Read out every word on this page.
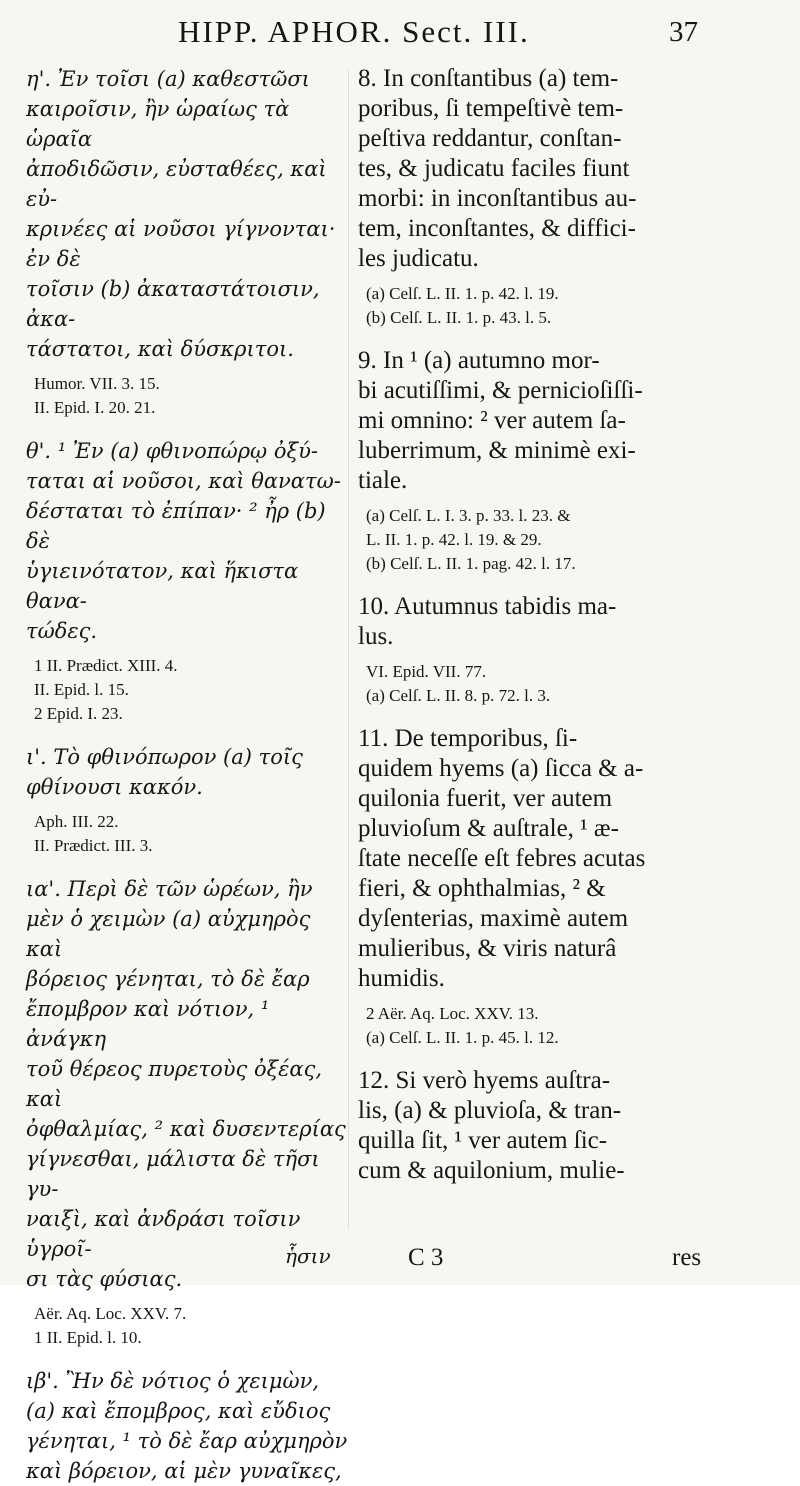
HIPP. APHOR. Sect. III.	37
η'. Ἐν τοῖσι (a) καθεστῶσι
καιροῖσιν, ἢν ὡραίως τὰ ὡραῖα
ἀποδιδῶσιν, εὐσταθέες, καὶ εὐ-
κρινέες αἱ νοῦσοι γίγνονται· ἐν δὲ
τοῖσιν (b) ἀκαταστάτοισιν, ἀκα-
τάστατοι, καὶ δύσκριτοι.
Humor. VII. 3. 15.
II. Epid. I. 20. 21.
θ'. ¹ Ἐν (a) φθινοπώρῳ ὀξύ-
ταται αἱ νοῦσοι, καὶ θανατω-
δέσταται τὸ ἐπίπαν· ² ἦρ (b) δὲ
ὑγιεινότατον, καὶ ἥκιστα θανα-
τώδες.
1 II. Prædict. XIII. 4.
II. Epid. l. 15.
2 Epid. I. 23.
ι'. Τὸ φθινόπωρον (a) τοῖς
φθίνουσι κακόν.
Aph. III. 22.
II. Prædict. III. 3.
ια'. Περὶ δὲ τῶν ὡρέων, ἢν
μὲν ὁ χειμὼν (a) αὐχμηρὸς καὶ
βόρειος γένηται, τὸ δὲ ἔαρ
ἔπομβρον καὶ νότιον, ¹ ἀνάγκη
τοῦ θέρεος πυρετοὺς ὀξέας, καὶ
ὀφθαλμίας, ² καὶ δυσεντερίας
γίγνεσθαι, μάλιστα δὲ τῆσι γυ-
ναιξὶ, καὶ ἀνδράσι τοῖσιν ὑγροῖ-
σι τὰς φύσιας.
Aër. Aq. Loc. XXV. 7.
1 II. Epid. l. 10.
ιβ'. Ἢν δὲ νότιος ὁ χειμὼν,
(a) καὶ ἔπομβρος, καὶ εὔδιος
γένηται, ¹ τὸ δὲ ἔαρ αὐχμηρὸν
καὶ βόρειον, αἱ μὲν γυναῖκες,
8. In conſtantibus (a) tem-
poribus, ſi tempeſtivè tem-
peſtiva reddantur, conſtan-
tes, & judicatu faciles fiunt
morbi: in inconſtantibus au-
tem, inconſtantes, & diffici-
les judicatu.
(a) Celſ. L. II. 1. p. 42. l. 19.
(b) Celſ. L. II. 1. p. 43. l. 5.
9. In ¹ (a) autumno mor-
bi acutiſſimi, & pernicioſiſſi-
mi omnino: ² ver autem ſa-
luberrimum, & minimè exi-
tiale.
(a) Celſ. L. I. 3. p. 33. l. 23. &
L. II. 1. p. 42. l. 19. & 29.
(b) Celſ. L. II. 1. pag. 42. l. 17.
10. Autumnus tabidis ma-
lus.
VI. Epid. VII. 77.
(a) Celſ. L. II. 8. p. 72. l. 3.
11. De temporibus, ſi-
quidem hyems (a) ſicca & a-
quilonia fuerit, ver autem
pluvioſum & auſtrale, ¹ æ-
ſtate neceſſe eſt febres acutas
fieri, & ophthalmias, ² &
dyſenterias, maximè autem
mulieribus, & viris naturâ
humidis.
2 Aër. Aq. Loc. XXV. 13.
(a) Celſ. L. II. 1. p. 45. l. 12.
12. Si verò hyems auſtra-
lis, (a) & pluvioſa, & tran-
quilla ſit, ¹ ver autem ſic-
cum & aquilonium, mulie-
ἧσιν	C 3	res
